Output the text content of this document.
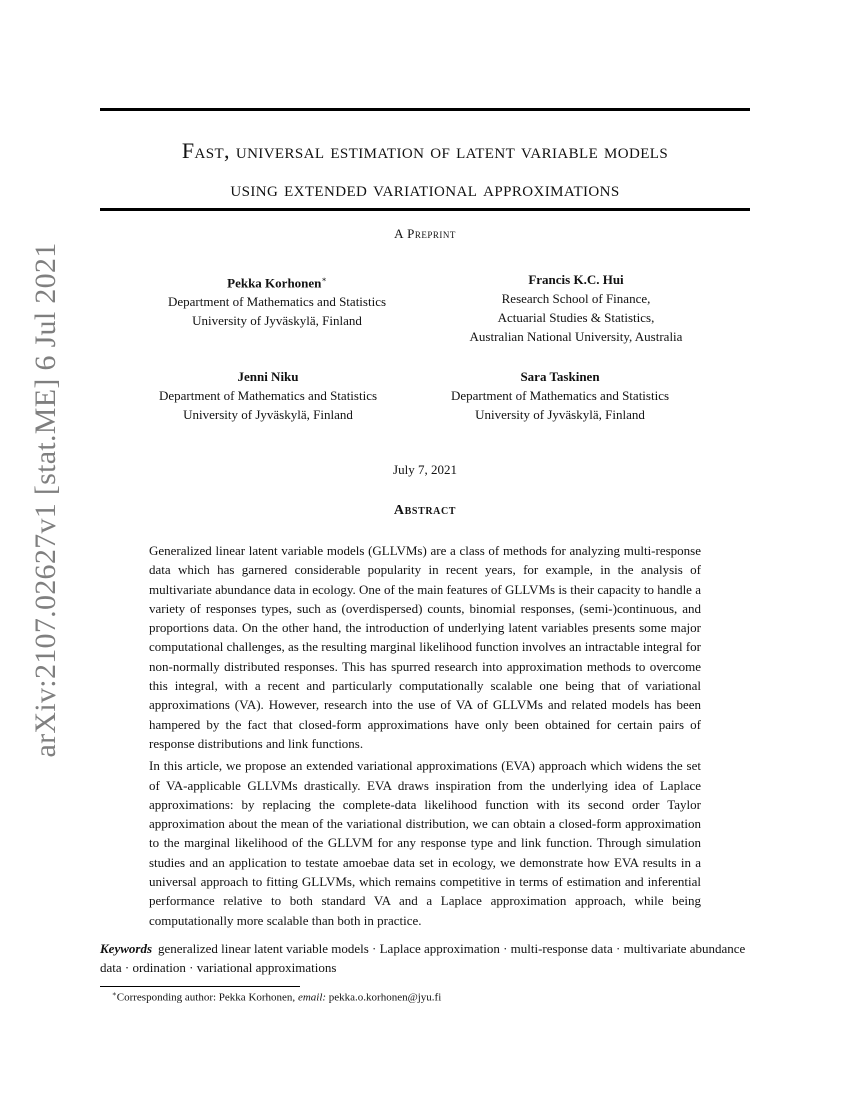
arXiv:2107.02627v1 [stat.ME] 6 Jul 2021
Fast, universal estimation of latent variable models
using extended variational approximations
A Preprint
Pekka Korhonen∗
Department of Mathematics and Statistics
University of Jyväskylä, Finland
Francis K.C. Hui
Research School of Finance,
Actuarial Studies & Statistics,
Australian National University, Australia
Jenni Niku
Department of Mathematics and Statistics
University of Jyväskylä, Finland
Sara Taskinen
Department of Mathematics and Statistics
University of Jyväskylä, Finland
July 7, 2021
Abstract

Generalized linear latent variable models (GLLVMs) are a class of methods for analyzing multi-response data which has garnered considerable popularity in recent years, for example, in the analysis of multivariate abundance data in ecology. One of the main features of GLLVMs is their capacity to handle a variety of responses types, such as (overdispersed) counts, binomial responses, (semi-)continuous, and proportions data. On the other hand, the introduction of underlying latent variables presents some major computational challenges, as the resulting marginal likelihood function involves an intractable integral for non-normally distributed responses. This has spurred research into approximation methods to overcome this integral, with a recent and particularly computationally scalable one being that of variational approximations (VA). However, research into the use of VA of GLLVMs and related models has been hampered by the fact that closed-form approximations have only been obtained for certain pairs of response distributions and link functions.

In this article, we propose an extended variational approximations (EVA) approach which widens the set of VA-applicable GLLVMs drastically. EVA draws inspiration from the underlying idea of Laplace approximations: by replacing the complete-data likelihood function with its second order Taylor approximation about the mean of the variational distribution, we can obtain a closed-form approximation to the marginal likelihood of the GLLVM for any response type and link function. Through simulation studies and an application to testate amoebae data set in ecology, we demonstrate how EVA results in a universal approach to fitting GLLVMs, which remains competitive in terms of estimation and inferential performance relative to both standard VA and a Laplace approximation approach, while being computationally more scalable than both in practice.

Keywords generalized linear latent variable models · Laplace approximation · multi-response data · multivariate abundance data · ordination · variational approximations
∗Corresponding author: Pekka Korhonen, email: pekka.o.korhonen@jyu.fi
